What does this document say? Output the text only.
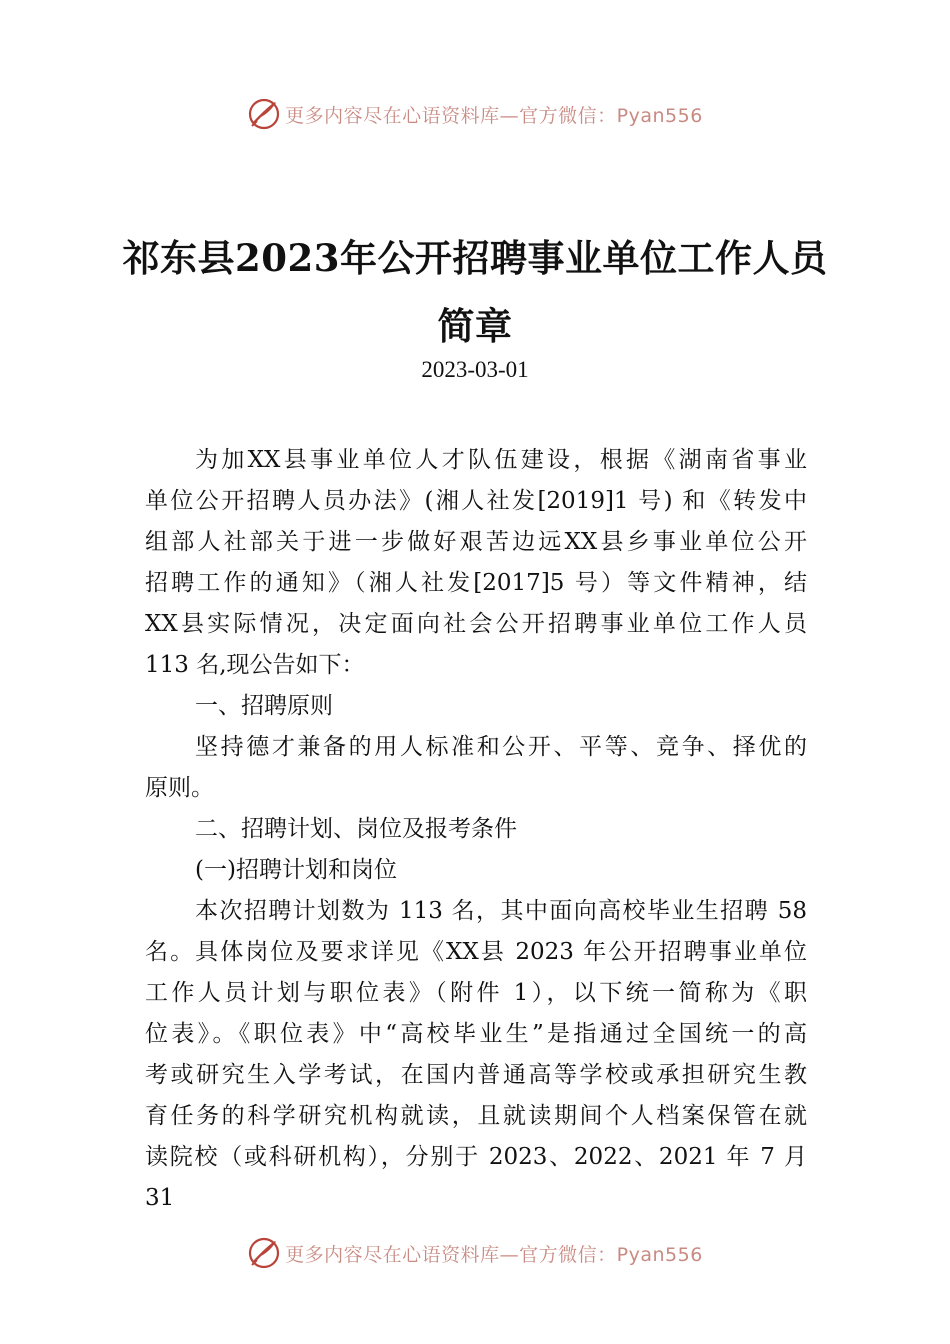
更多内容尽在心语资料库—官方微信：Pyan556
祁东县2023年公开招聘事业单位工作人员
简章
2023-03-01
为加XX县事业单位人才队伍建设，根据《湖南省事业
单位公开招聘人员办法》(湘人社发[2019]1 号) 和《转发中
组部人社部关于进一步做好艰苦边远XX县乡事业单位公开
招聘工作的通知》（湘人社发[2017]5 号）等文件精神，结
XX县实际情况，决定面向社会公开招聘事业单位工作人员
113 名,现公告如下：
一、招聘原则
坚持德才兼备的用人标准和公开、平等、竞争、择优的
原则。
二、招聘计划、岗位及报考条件
(一)招聘计划和岗位
本次招聘计划数为 113 名，其中面向高校毕业生招聘 58
名。具体岗位及要求详见《XX县 2023 年公开招聘事业单位
工作人员计划与职位表》（附件 1），以下统一简称为《职
位表》。《职位表》中“高校毕业生”是指通过全国统一的高
考或研究生入学考试，在国内普通高等学校或承担研究生教
育任务的科学研究机构就读，且就读期间个人档案保管在就
读院校（或科研机构），分别于 2023、2022、2021 年 7 月
31
更多内容尽在心语资料库—官方微信：Pyan556
